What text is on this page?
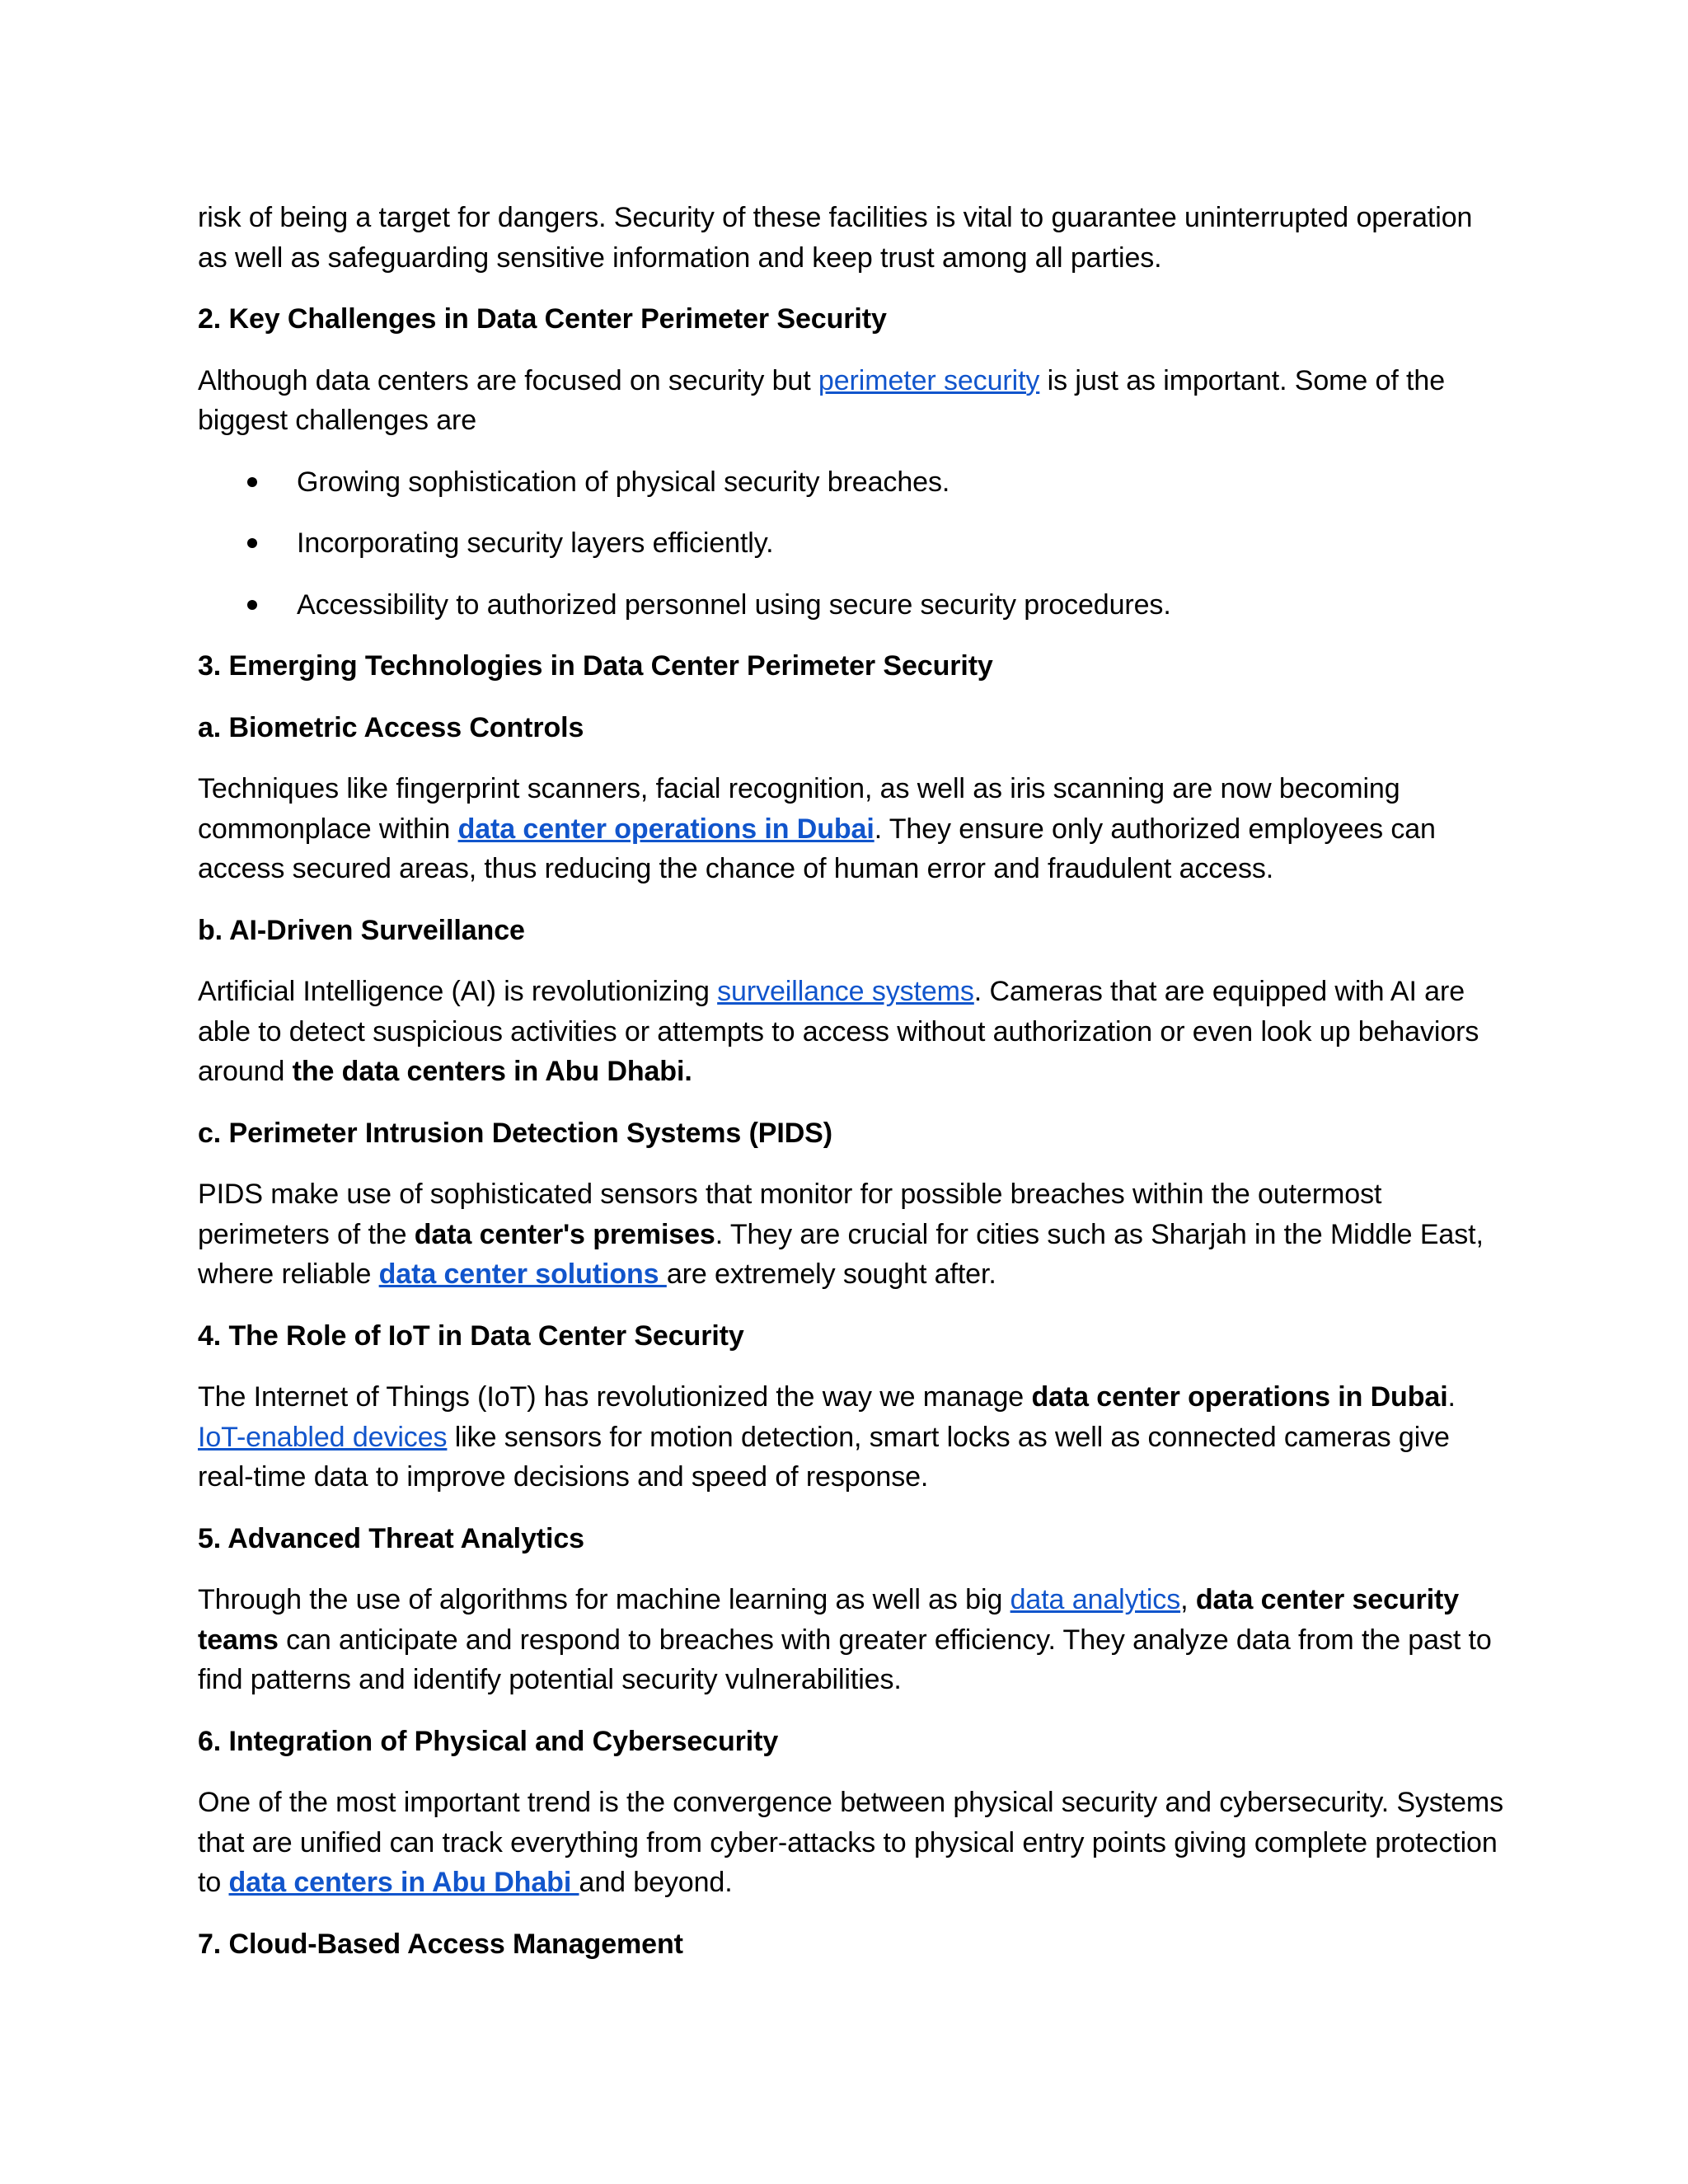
risk of being a target for dangers. Security of these facilities is vital to guarantee uninterrupted operation as well as safeguarding sensitive information and keep trust among all parties.

2. Key Challenges in Data Center Perimeter Security

Although data centers are focused on security but perimeter security is just as important. Some of the biggest challenges are

Growing sophistication of physical security breaches.
Incorporating security layers efficiently.
Accessibility to authorized personnel using secure security procedures.
3. Emerging Technologies in Data Center Perimeter Security
a. Biometric Access Controls

Techniques like fingerprint scanners, facial recognition, as well as iris scanning are now becoming commonplace within data center operations in Dubai. They ensure only authorized employees can access secured areas, thus reducing the chance of human error and fraudulent access.

b. AI-Driven Surveillance

Artificial Intelligence (AI) is revolutionizing surveillance systems. Cameras that are equipped with AI are able to detect suspicious activities or attempts to access without authorization or even look up behaviors around the data centers in Abu Dhabi.

c. Perimeter Intrusion Detection Systems (PIDS)

PIDS make use of sophisticated sensors that monitor for possible breaches within the outermost perimeters of the data center's premises. They are crucial for cities such as Sharjah in the Middle East, where reliable data center solutions are extremely sought after.

4. The Role of IoT in Data Center Security

The Internet of Things (IoT) has revolutionized the way we manage data center operations in Dubai. IoT-enabled devices like sensors for motion detection, smart locks as well as connected cameras give real-time data to improve decisions and speed of response.

5. Advanced Threat Analytics

Through the use of algorithms for machine learning as well as big data analytics, data center security teams can anticipate and respond to breaches with greater efficiency. They analyze data from the past to find patterns and identify potential security vulnerabilities.

6. Integration of Physical and Cybersecurity

One of the most important trend is the convergence between physical security and cybersecurity. Systems that are unified can track everything from cyber-attacks to physical entry points giving complete protection to data centers in Abu Dhabi and beyond.

7. Cloud-Based Access Management
